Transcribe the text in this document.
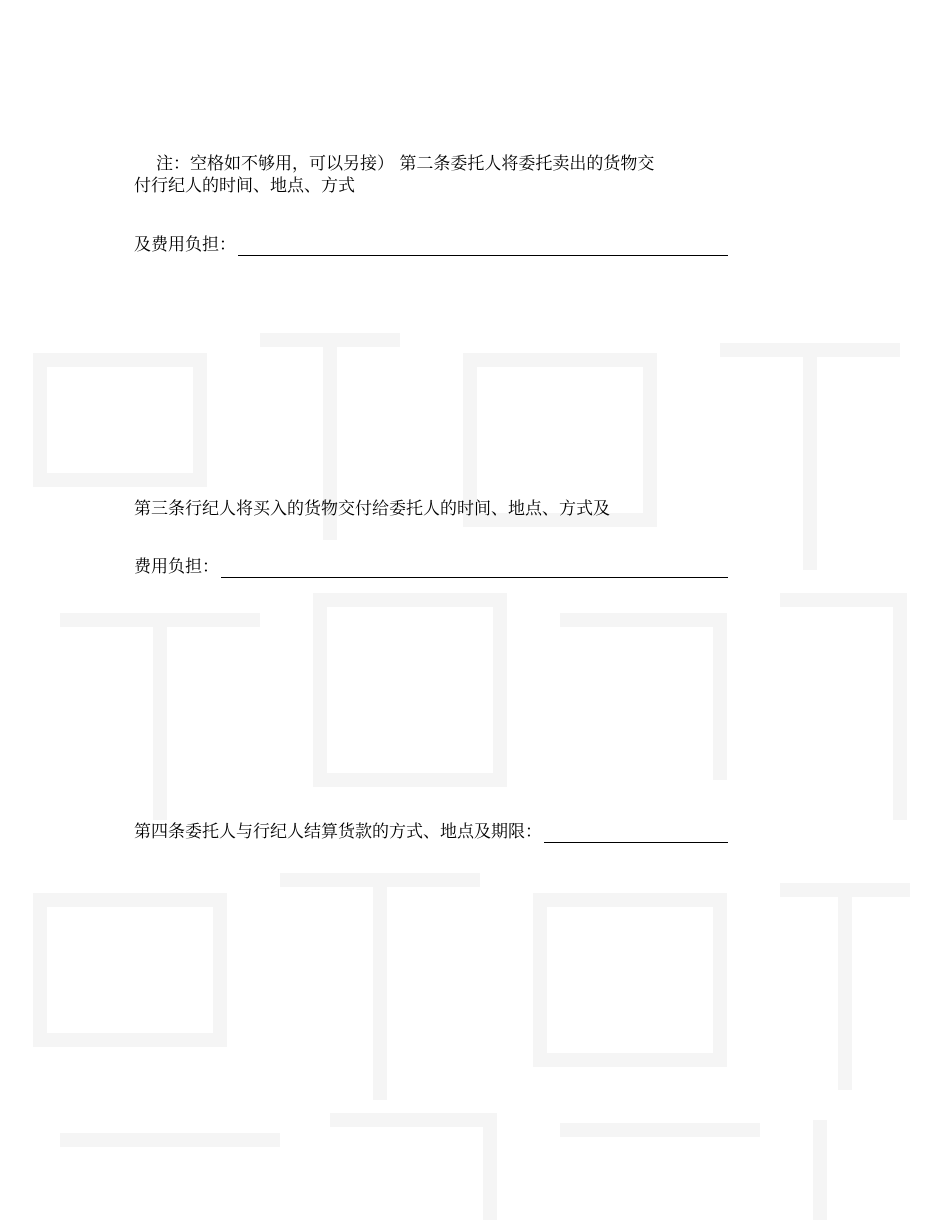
注：空格如不够用，可以另接） 第二条委托人将委托卖出的货物交
付行纪人的时间、地点、方式
及费用负担：
第三条行纪人将买入的货物交付给委托人的时间、地点、方式及
费用负担：
第四条委托人与行纪人结算货款的方式、地点及期限：
